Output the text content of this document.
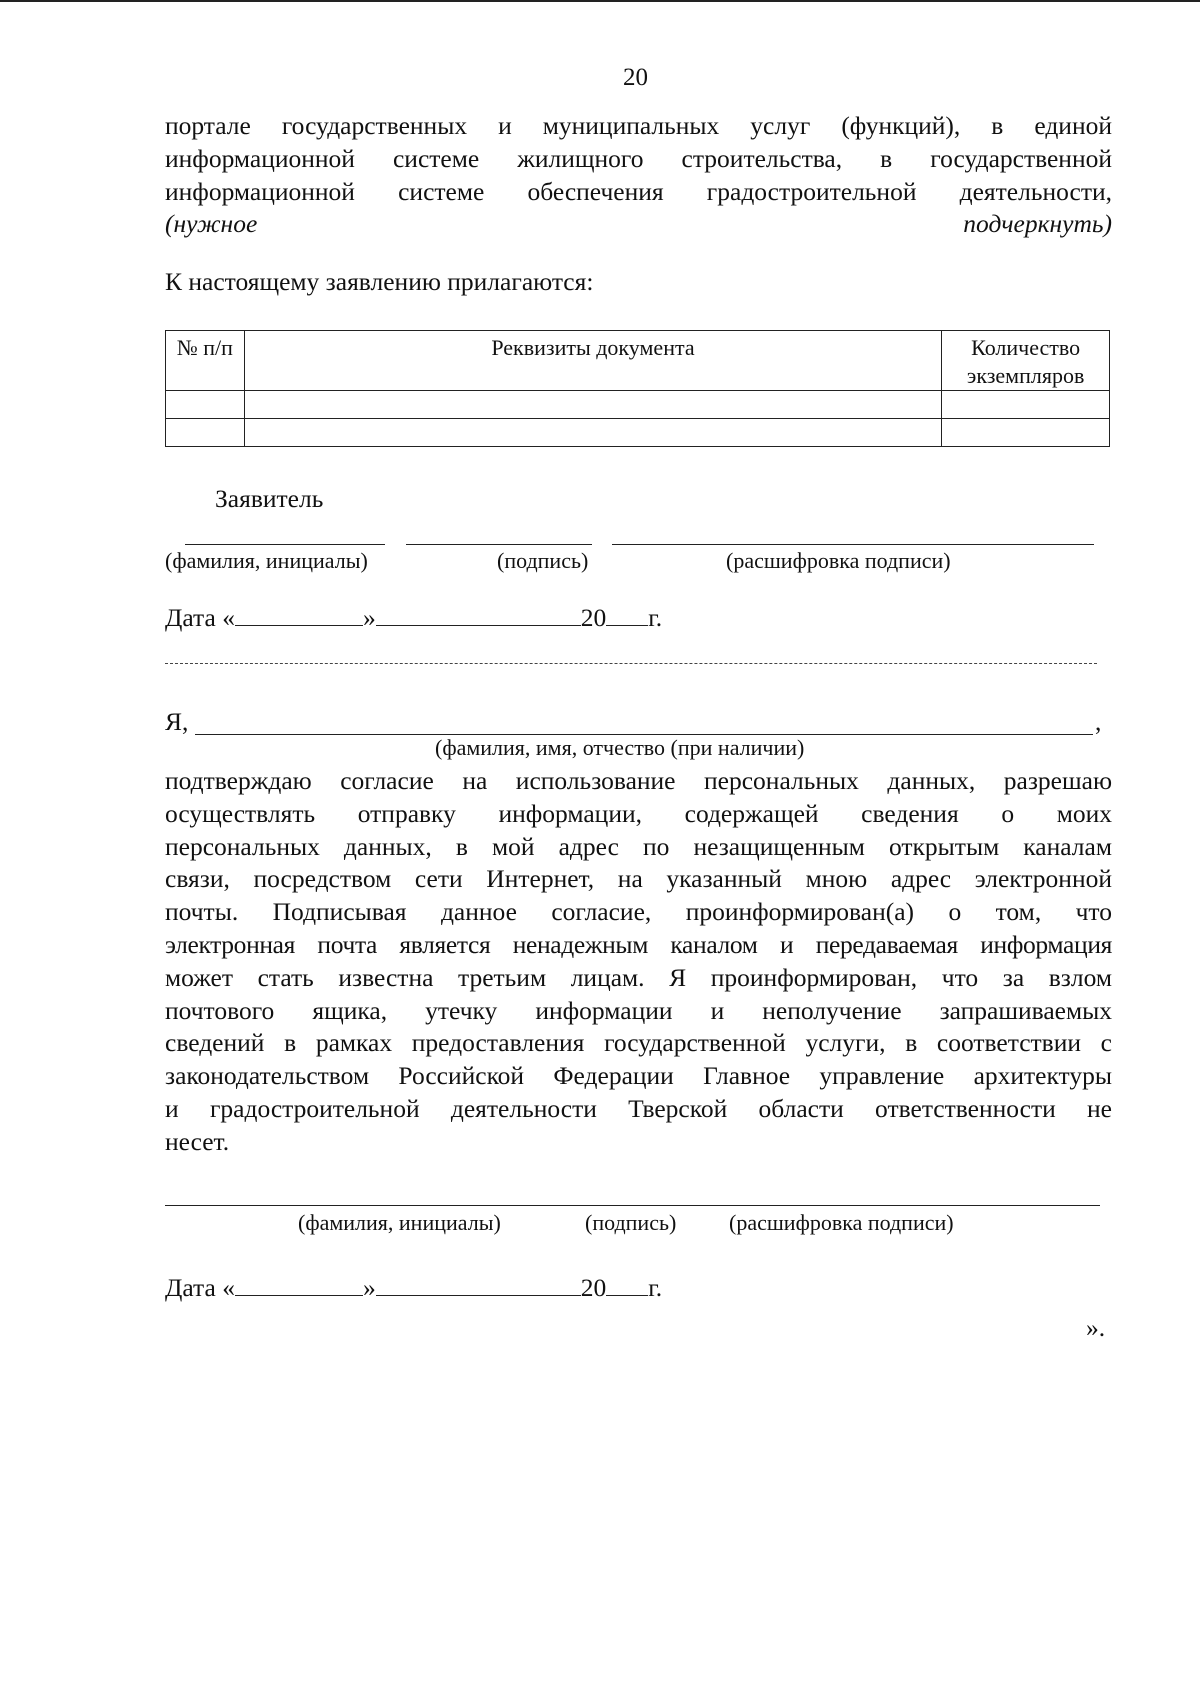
20
портале государственных и муниципальных услуг (функций), в единой
информационной системе жилищного строительства, в государственной
информационной системе обеспечения градостроительной деятельности,
(нужное подчеркнуть)
К настоящему заявлению прилагаются:
№ п/п	Реквизиты документа	Количество экземпляров

Заявитель
(фамилия, инициалы)	(подпись)	(расшифровка подписи)
Дата «	»	20 г.
Я,	,
(фамилия, имя, отчество (при наличии)
подтверждаю согласие на использование персональных данных, разрешаю
осуществлять отправку информации, содержащей сведения о моих
персональных данных, в мой адрес по незащищенным открытым каналам
связи, посредством сети Интернет, на указанный мною адрес электронной
почты. Подписывая данное согласие, проинформирован(а) о том, что
электронная почта является ненадежным каналом и передаваемая информация
может стать известна третьим лицам. Я проинформирован, что за взлом
почтового ящика, утечку информации и неполучение запрашиваемых
сведений в рамках предоставления государственной услуги, в соответствии с
законодательством Российской Федерации Главное управление архитектуры
и градостроительной деятельности Тверской области ответственности не
несет.
(фамилия, инициалы)	(подпись) (расшифровка подписи)
Дата «	»	20 г.
».
